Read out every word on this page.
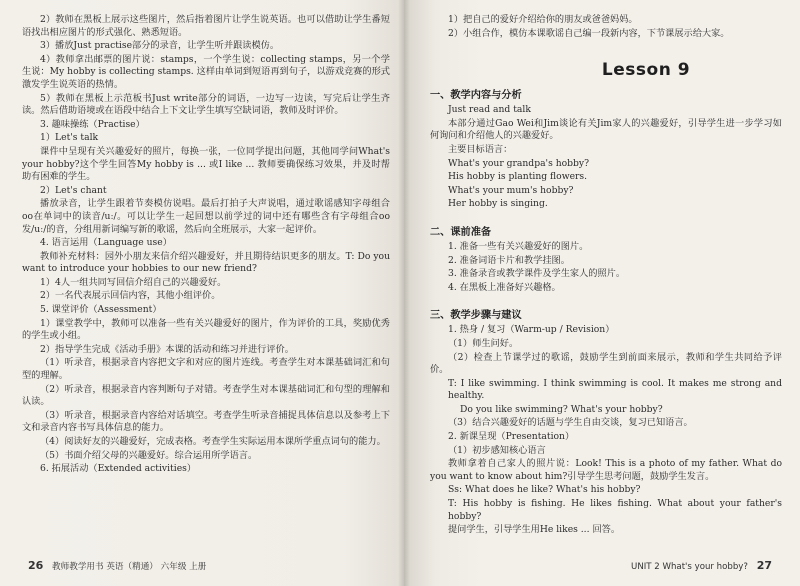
2）教师在黑板上展示这些图片，然后指着图片让学生说英语。也可以借助让学生番短语找出相应图片的形式强化、熟悉短语。

3）播放Just practise部分的录音，让学生听并跟读模仿。

4）教师拿出邮票的图片说：stamps，一个学生说：collecting stamps，另一个学生说：My hobby is collecting stamps. 这样由单词到短语再到句子，以游戏竞赛的形式激发学生说英语的热情。

5）教师在黑板上示范板书Just write部分的词语，一边写一边读，写完后让学生齐读。然后借助语境或在语段中结合上下文让学生填写空缺词语，教师及时评价。

3. 趣味操练（Practise）

1）Let's talk

课件中呈现有关兴趣爱好的照片，每换一张，一位同学提出问题，其他同学问What's your hobby?这个学生回答My hobby is ... 或I like ... 教师要确保练习效果，并及时帮助有困难的学生。

2）Let's chant

播放录音，让学生跟着节奏模仿说唱。最后打拍子大声说唱，通过歌谣感知字母组合oo在单词中的读音/uː/。可以让学生一起回想以前学过的词中还有哪些含有字母组合oo发/uː/的音，分组用新词编写新的歌谣，然后向全班展示，大家一起评价。

4. 语言运用（Language use）

教师补充材料：园外小朋友来信介绍兴趣爱好，并且期待结识更多的朋友。T: Do you want to introduce your hobbies to our new friend?

1）4人一组共同写回信介绍自己的兴趣爱好。

2）一名代表展示回信内容，其他小组评价。

5. 课堂评价（Assessment）

1）课堂教学中，教师可以准备一些有关兴趣爱好的图片，作为评价的工具，奖励优秀的学生或小组。

2）指导学生完成《活动手册》本课的活动和练习并进行评价。

（1）听录音，根据录音内容把文字和对应的图片连线。考查学生对本课基础词汇和句型的理解。

（2）听录音，根据录音内容判断句子对错。考查学生对本课基础词汇和句型的理解和认读。

（3）听录音，根据录音内容给对话填空。考查学生听录音捕捉具体信息以及参考上下文和录音内容书写具体信息的能力。

（4）阅读好友的兴趣爱好，完成表格。考查学生实际运用本课所学重点词句的能力。

（5）书面介绍父母的兴趣爱好。综合运用所学语言。

6. 拓展活动（Extended activities）

26 教师教学用书 英语（精通） 六年级 上册

1）把自己的爱好介绍给你的朋友或爸爸妈妈。

2）小组合作，模仿本课歌谣自己编一段新内容，下节课展示给大家。

Lesson 9
一、教学内容与分析

Just read and talk

本部分通过Gao Wei和Jim谈论有关Jim家人的兴趣爱好，引导学生进一步学习如何询问和介绍他人的兴趣爱好。

主要目标语言：

What's your grandpa's hobby?

His hobby is planting flowers.

What's your mum's hobby?

Her hobby is singing.

二、课前准备

1. 准备一些有关兴趣爱好的图片。

2. 准备词语卡片和教学挂图。

3. 准备录音或教学课件及学生家人的照片。

4. 在黑板上准备好兴趣格。

三、教学步骤与建议

1. 热身 / 复习（Warm-up / Revision）

（1）师生问好。

（2）检查上节课学过的歌谣，鼓励学生到前面来展示，教师和学生共同给予评价。

T: I like swimming. I think swimming is cool. It makes me strong and healthy.

Do you like swimming? What's your hobby?

（3）结合兴趣爱好的话题与学生自由交谈，复习已知语言。

2. 新课呈现（Presentation）

（1）初步感知核心语言

教师拿着自己家人的照片说：Look! This is a photo of my father. What do you want to know about him?引导学生思考问题，鼓励学生发言。

Ss: What does he like? What's his hobby?

T: His hobby is fishing. He likes fishing. What about your father's hobby?

提问学生，引导学生用He likes ... 回答。

UNIT 2 What's your hobby? 27
